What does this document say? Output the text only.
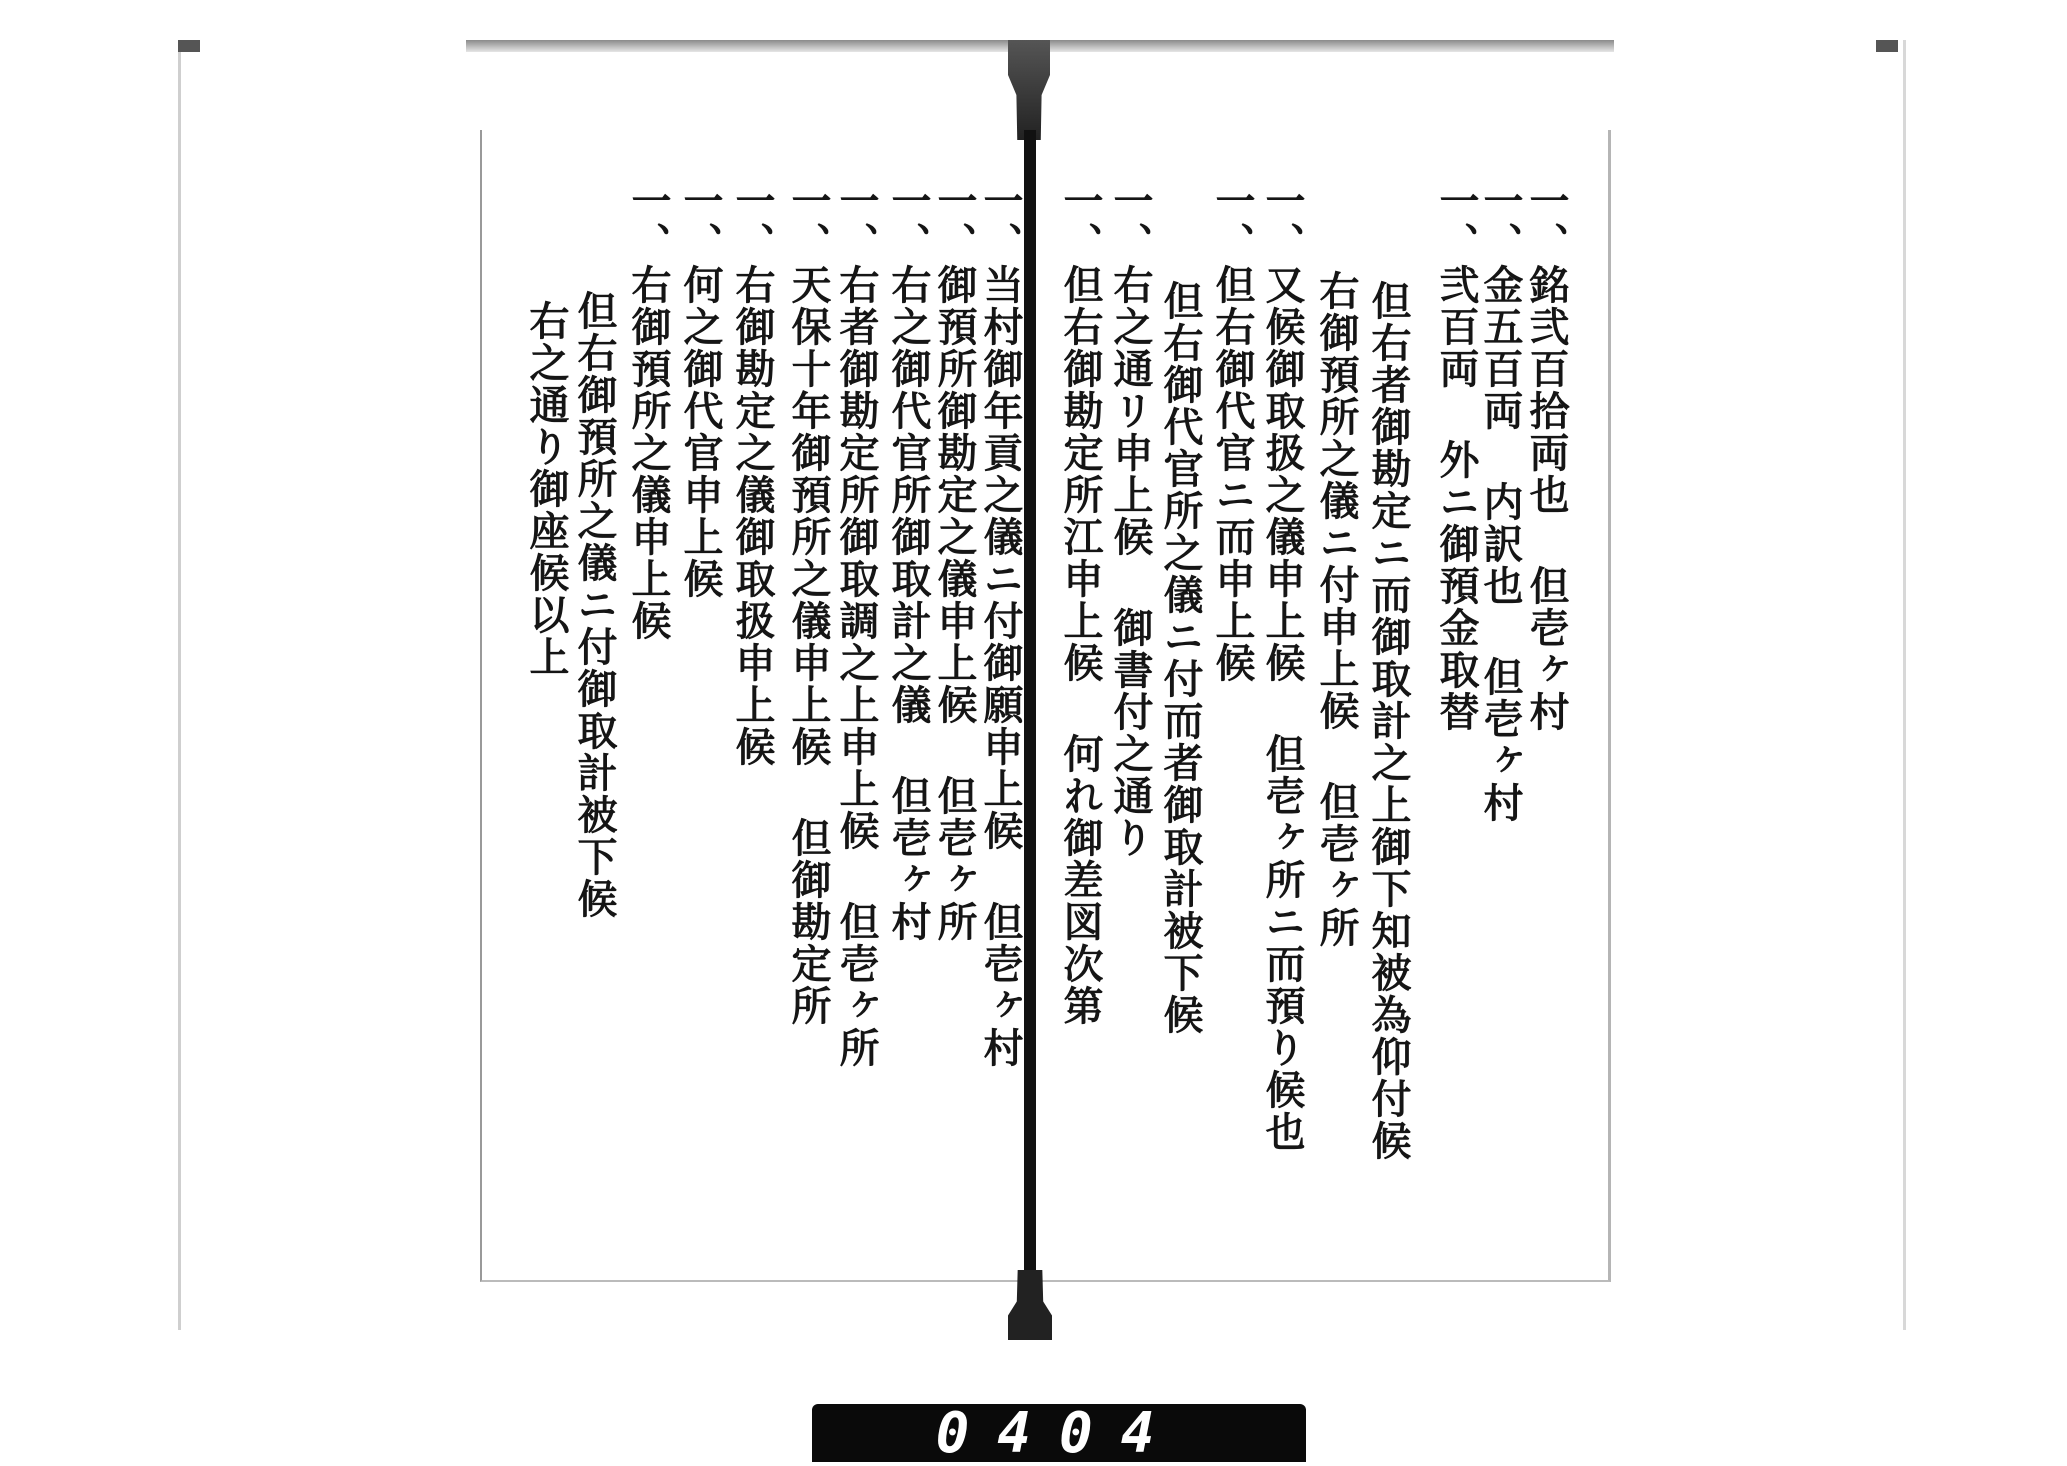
一、銘弐百拾両也 但壱ヶ村
一、金五百両 内訳也 但壱ヶ村
一、弐百両 外ニ御預金取替
但右者御勘定ニ而御取計之上御下知被為仰付候
右御預所之儀ニ付申上候 但壱ヶ所
一、又候御取扱之儀申上候 但壱ヶ所ニ而預り候也
一、但右御代官ニ而申上候
但右御代官所之儀ニ付而者御取計被下候
一、右之通リ申上候 御書付之通り
一、但右御勘定所江申上候 何れ御差図次第
一、当村御年貢之儀ニ付御願申上候 但壱ヶ村
一、御預所御勘定之儀申上候 但壱ヶ所
一、右之御代官所御取計之儀 但壱ヶ村
一、右者御勘定所御取調之上申上候 但壱ヶ所
一、天保十年御預所之儀申上候 但御勘定所
一、右御勘定之儀御取扱申上候
一、何之御代官申上候
一、右御預所之儀申上候
但右御預所之儀ニ付御取計被下候
右之通り御座候以上
0404
